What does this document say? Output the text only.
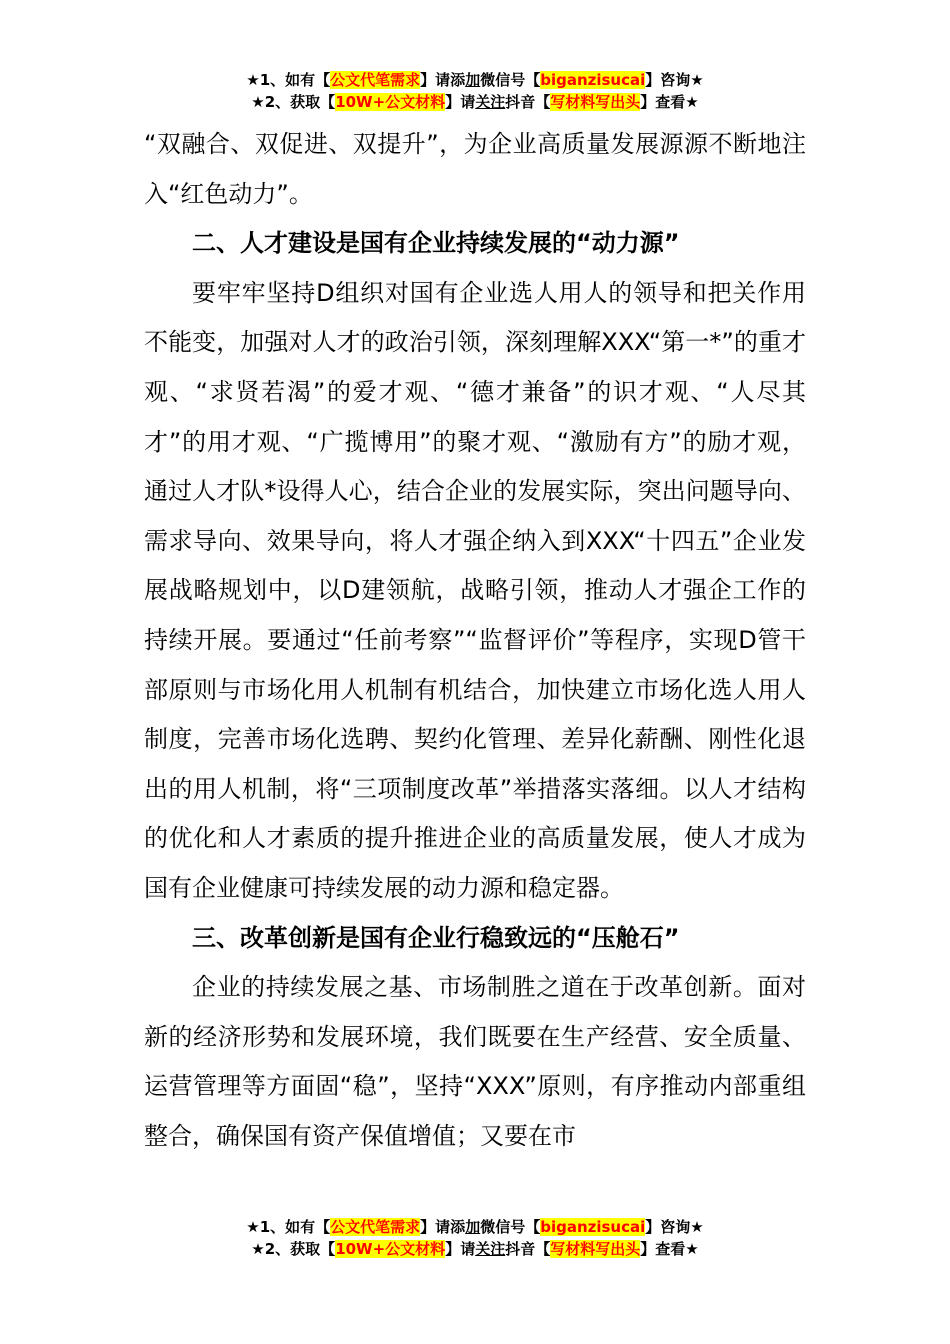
★1、如有【公文代笔需求】请添加微信号【biganzisucai】咨询★
★2、获取【10W+公文材料】请关注抖音【写材料写出头】查看★

“双融合、双促进、双提升”，为企业高质量发展源源不断地注入“红色动力”。

二、人才建设是国有企业持续发展的“动力源”

要牢牢坚持D组织对国有企业选人用人的领导和把关作用不能变，加强对人才的政治引领，深刻理解XXX“第一*”的重才观、“求贤若渴”的爱才观、“德才兼备”的识才观、“人尽其才”的用才观、“广揽博用”的聚才观、“激励有方”的励才观，通过人才队*设得人心，结合企业的发展实际，突出问题导向、需求导向、效果导向，将人才强企纳入到XXX“十四五”企业发展战略规划中，以D建领航，战略引领，推动人才强企工作的持续开展。要通过“任前考察”“监督评价”等程序，实现D管干部原则与市场化用人机制有机结合，加快建立市场化选人用人制度，完善市场化选聘、契约化管理、差异化薪酬、刚性化退出的用人机制，将“三项制度改革”举措落实落细。以人才结构的优化和人才素质的提升推进企业的高质量发展，使人才成为国有企业健康可持续发展的动力源和稳定器。

三、改革创新是国有企业行稳致远的“压舱石”

企业的持续发展之基、市场制胜之道在于改革创新。面对新的经济形势和发展环境，我们既要在生产经营、安全质量、运营管理等方面固“稳”，坚持“XXX”原则，有序推动内部重组整合，确保国有资产保值增值；又要在市

★1、如有【公文代笔需求】请添加微信号【biganzisucai】咨询★
★2、获取【10W+公文材料】请关注抖音【写材料写出头】查看★
